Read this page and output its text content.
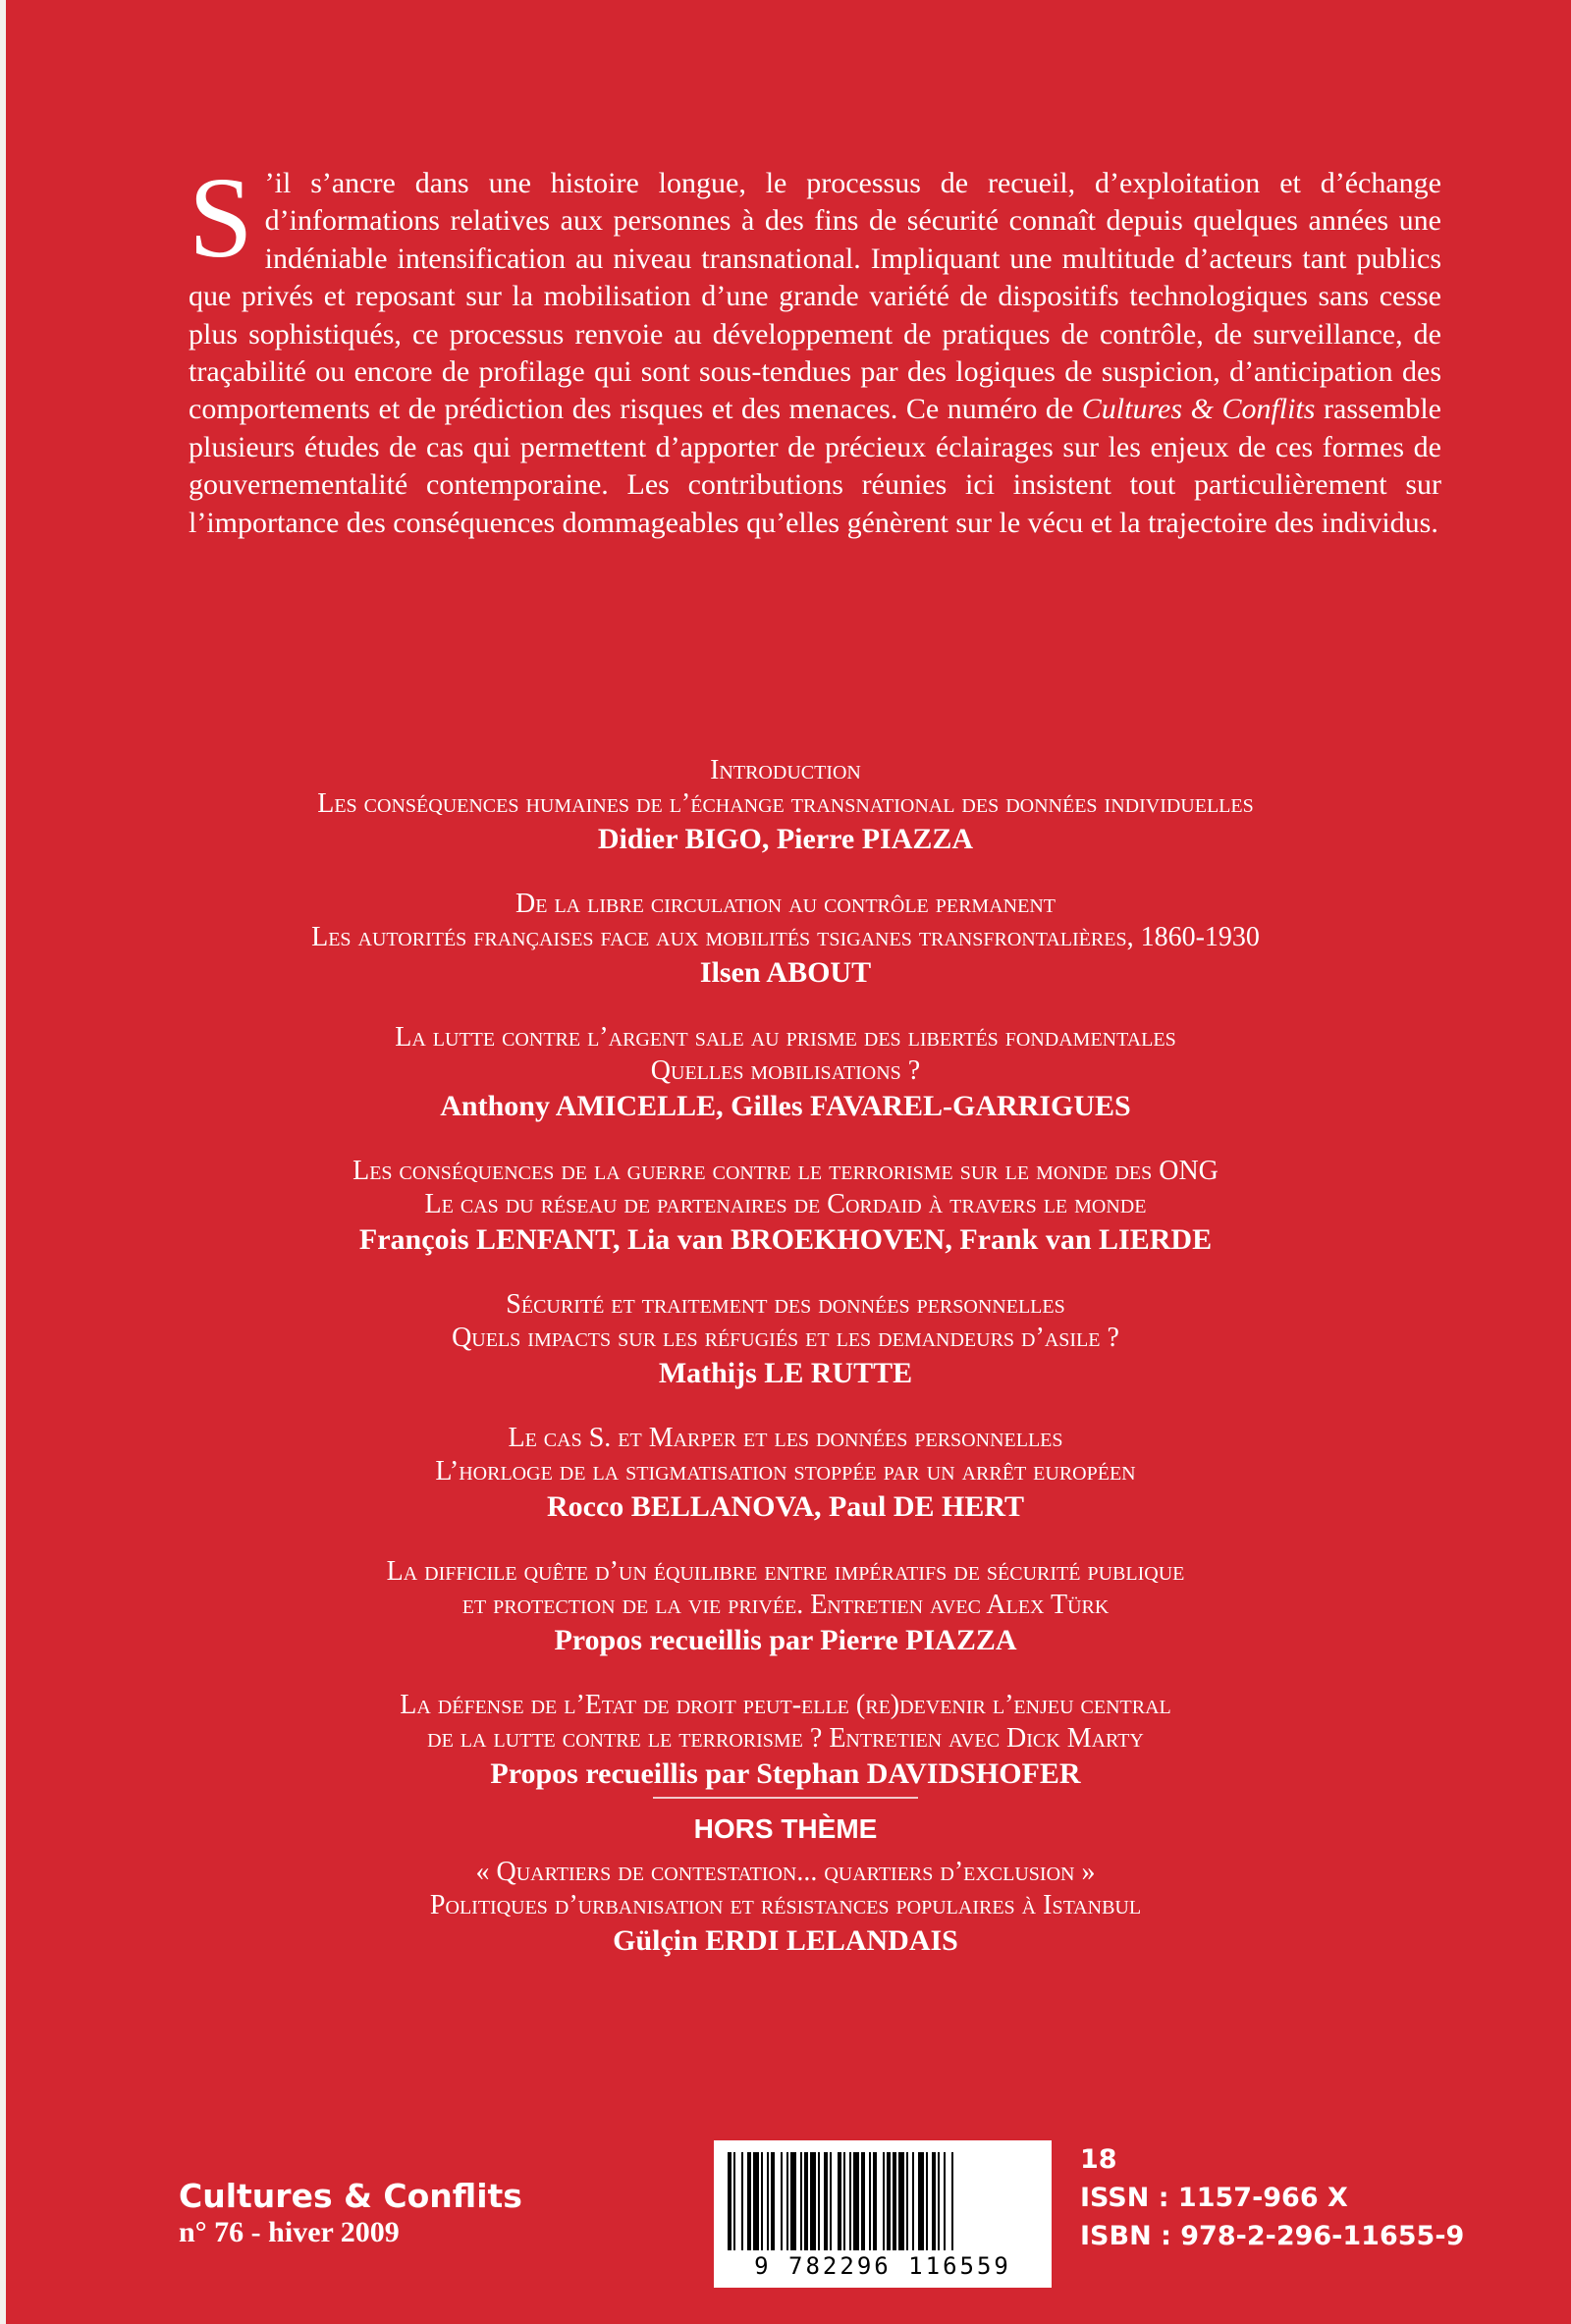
S ’il s’ancre dans une histoire longue, le processus de recueil, d’exploitation et d’échange d’informations relatives aux personnes à des fins de sécurité connaît depuis quelques années une indéniable intensification au niveau transnational. Impliquant une multitude d’acteurs tant publics que privés et reposant sur la mobilisation d’une grande variété de dispositifs technologiques sans cesse plus sophistiqués, ce processus renvoie au développement de pratiques de contrôle, de surveillance, de traçabilité ou encore de profilage qui sont sous-tendues par des logiques de suspicion, d’anticipation des comportements et de prédiction des risques et des menaces. Ce numéro de Cultures & Conflits rassemble plusieurs études de cas qui permettent d’apporter de précieux éclairages sur les enjeux de ces formes de gouvernementalité contemporaine. Les contributions réunies ici insistent tout particulièrement sur l’importance des conséquences dommageables qu’elles génèrent sur le vécu et la trajectoire des individus.
Introduction
Les conséquences humaines de l’échange transnational des données individuelles
Didier BIGO, Pierre PIAZZA
De la libre circulation au contrôle permanent
Les autorités françaises face aux mobilités tsiganes transfrontalières, 1860-1930
Ilsen ABOUT
La lutte contre l’argent sale au prisme des libertés fondamentales
Quelles mobilisations ?
Anthony AMICELLE, Gilles FAVAREL-GARRIGUES
Les conséquences de la guerre contre le terrorisme sur le monde des ONG
Le cas du réseau de partenaires de Cordaid à travers le monde
François LENFANT, Lia van BROEKHOVEN, Frank van LIERDE
Sécurité et traitement des données personnelles
Quels impacts sur les réfugiés et les demandeurs d’asile ?
Mathijs LE RUTTE
Le cas S. et Marper et les données personnelles
L’horloge de la stigmatisation stoppée par un arrêt européen
Rocco BELLANOVA, Paul DE HERT
La difficile quête d’un équilibre entre impératifs de sécurité publique
et protection de la vie privée. Entretien avec Alex Türk
Propos recueillis par Pierre PIAZZA
La défense de l’Etat de droit peut-elle (re)devenir l’enjeu central
de la lutte contre le terrorisme ? Entretien avec Dick Marty
Propos recueillis par Stephan DAVIDSHOFER
HORS THÈME
« Quartiers de contestation... quartiers d’exclusion »
Politiques d’urbanisation et résistances populaires à Istanbul
Gülçin ERDI LELANDAIS
Cultures & Conflits
n° 76 - hiver 2009
9 782296 116559
18
ISSN : 1157-966 X
ISBN : 978-2-296-11655-9
